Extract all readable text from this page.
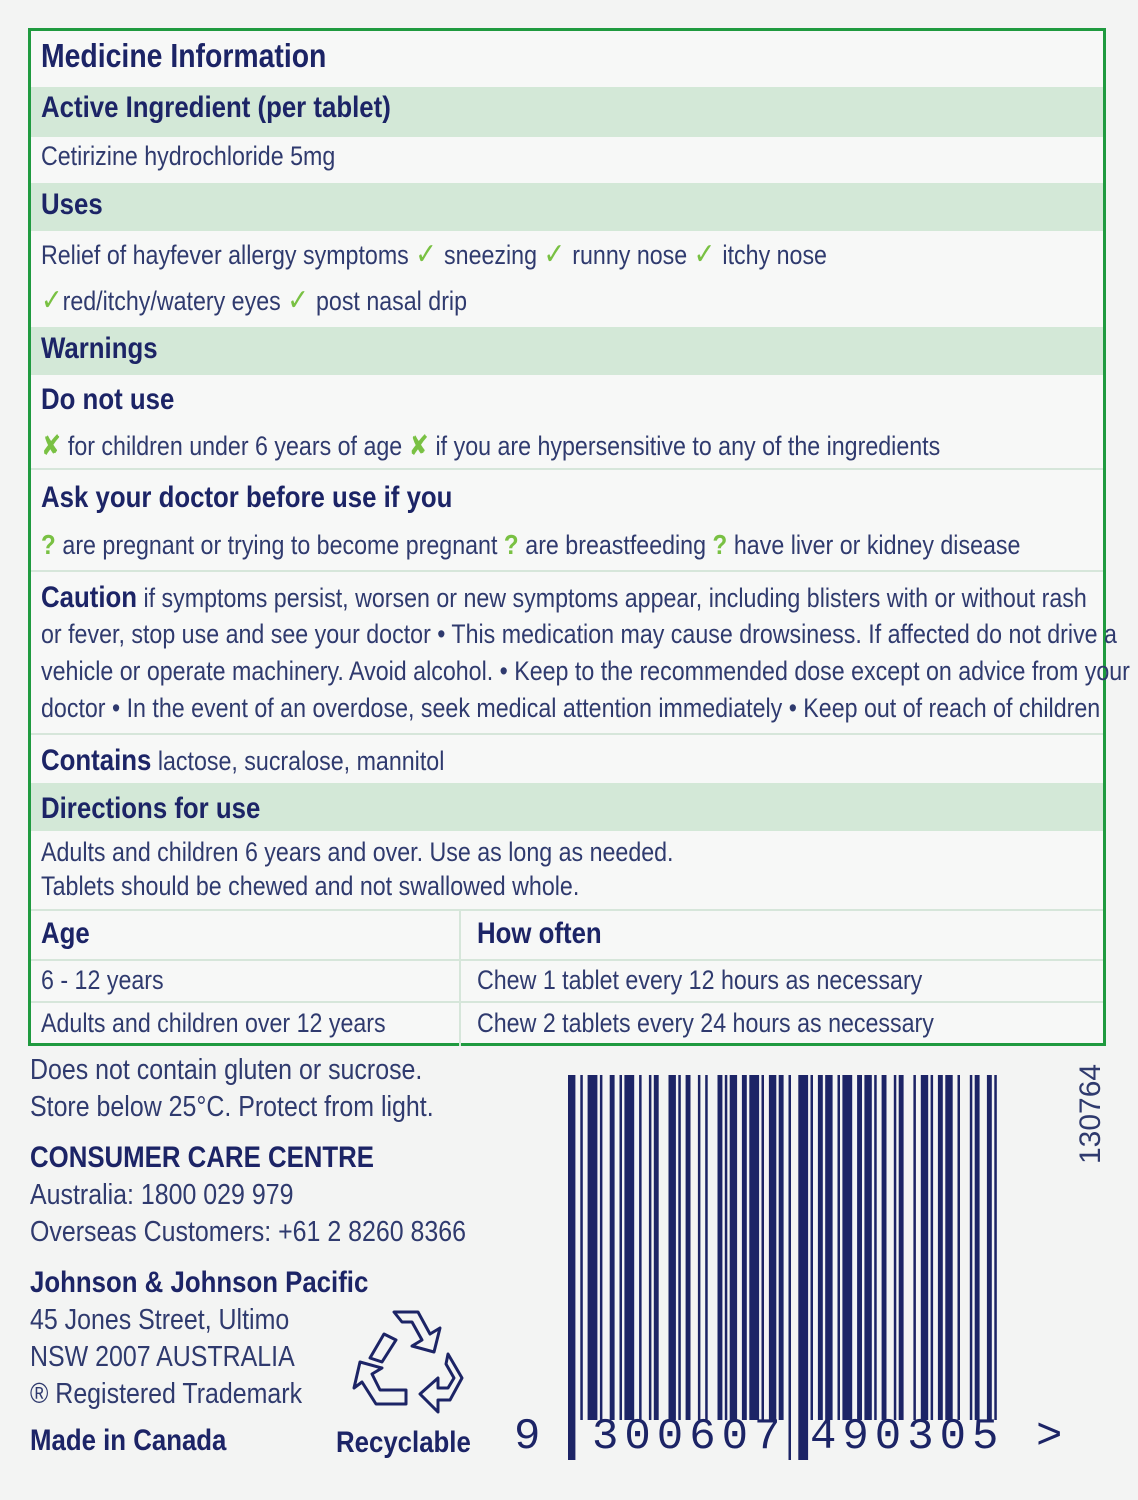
Medicine Information
Active Ingredient (per tablet)
Cetirizine hydrochloride 5mg
Uses
Relief of hayfever allergy symptoms ✓ sneezing ✓ runny nose ✓ itchy nose
✓red/itchy/watery eyes ✓ post nasal drip
Warnings
Do not use
✘ for children under 6 years of age ✘ if you are hypersensitive to any of the ingredients
Ask your doctor before use if you
? are pregnant or trying to become pregnant ? are breastfeeding ? have liver or kidney disease
Caution if symptoms persist, worsen or new symptoms appear, including blisters with or without rash
or fever, stop use and see your doctor • This medication may cause drowsiness. If affected do not drive a
vehicle or operate machinery. Avoid alcohol. • Keep to the recommended dose except on advice from your
doctor • In the event of an overdose, seek medical attention immediately • Keep out of reach of children
Contains lactose, sucralose, mannitol
Directions for use
Adults and children 6 years and over. Use as long as needed.
Tablets should be chewed and not swallowed whole.
Age	How often
6 - 12 years	Chew 1 tablet every 12 hours as necessary
Adults and children over 12 years	Chew 2 tablets every 24 hours as necessary
Does not contain gluten or sucrose.
Store below 25°C. Protect from light.
CONSUMER CARE CENTRE
Australia: 1800 029 979
Overseas Customers: +61 2 8260 8366
Johnson & Johnson Pacific
45 Jones Street, Ultimo
NSW 2007 AUSTRALIA
® Registered Trademark
Made in Canada	Recyclable 9 300607 490305 >
130764
